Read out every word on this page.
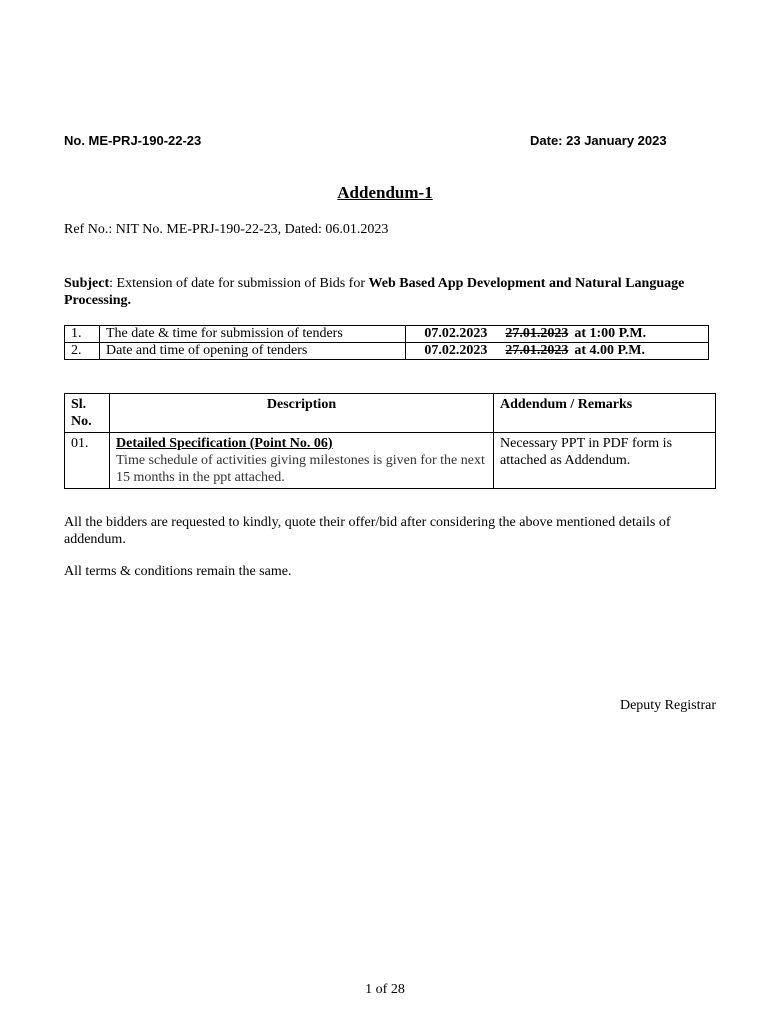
No. ME-PRJ-190-22-23	Date: 23 January 2023
Addendum-1
Ref No.: NIT No. ME-PRJ-190-22-23, Dated: 06.01.2023
Subject: Extension of date for submission of Bids for Web Based App Development and Natural Language Processing.
1.	The date & time for submission of tenders	07.02.2023 27.01.2023 at 1:00 P.M.
2.	Date and time of opening of tenders	07.02.2023 27.01.2023 at 4.00 P.M.
Sl. No.	Description	Addendum / Remarks
01.	Detailed Specification (Point No. 06)
Time schedule of activities giving milestones is given for the next 15 months in the ppt attached.	Necessary PPT in PDF form is attached as Addendum.
All the bidders are requested to kindly, quote their offer/bid after considering the above mentioned details of addendum.
All terms & conditions remain the same.
Deputy Registrar
1 of 28
